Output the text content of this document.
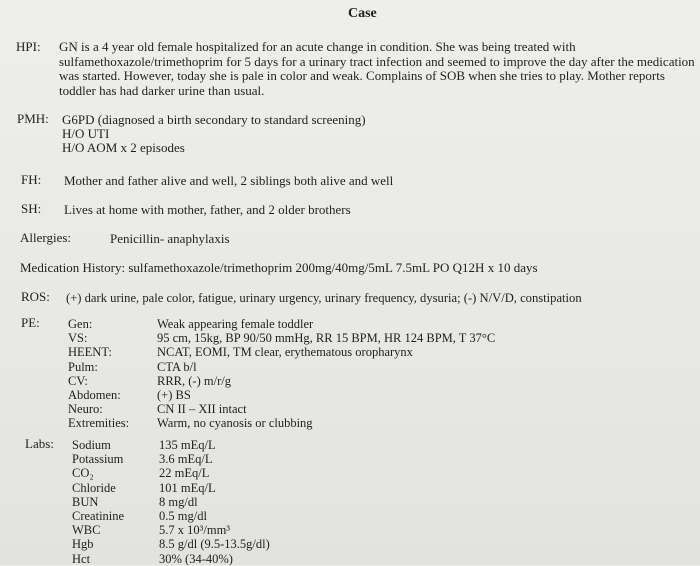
Case
HPI: GN is a 4 year old female hospitalized for an acute change in condition. She was being treated with
sulfamethoxazole/trimethoprim for 5 days for a urinary tract infection and seemed to improve the day after the medication
was started. However, today she is pale in color and weak. Complains of SOB when she tries to play. Mother reports
toddler has had darker urine than usual.
PMH: G6PD (diagnosed a birth secondary to standard screening)
H/O UTI
H/O AOM x 2 episodes
FH: Mother and father alive and well, 2 siblings both alive and well
SH: Lives at home with mother, father, and 2 older brothers
Allergies:	Penicillin- anaphylaxis
Medication History: sulfamethoxazole/trimethoprim 200mg/40mg/5mL 7.5mL PO Q12H x 10 days
ROS: (+) dark urine, pale color, fatigue, urinary urgency, urinary frequency, dysuria; (-) N/V/D, constipation
PE: Gen:
VS:
HEENT:
Pulm:
CV:
Abdomen:
Neuro:
Extremities:
Weak appearing female toddler
95 cm, 15kg, BP 90/50 mmHg, RR 15 BPM, HR 124 BPM, T 37°C
NCAT, EOMI, TM clear, erythematous oropharynx
CTA b/l
RRR, (-) m/r/g
(+) BS
CN II – XII intact
Warm, no cyanosis or clubbing
Labs: Sodium
Potassium
CO₂
Chloride
BUN
Creatinine
WBC
Hgb
Hct
135 mEq/L
3.6 mEq/L
22 mEq/L
101 mEq/L
8 mg/dl
0.5 mg/dl
5.7 x 10³/mm³
8.5 g/dl (9.5-13.5g/dl)
30% (34-40%)
